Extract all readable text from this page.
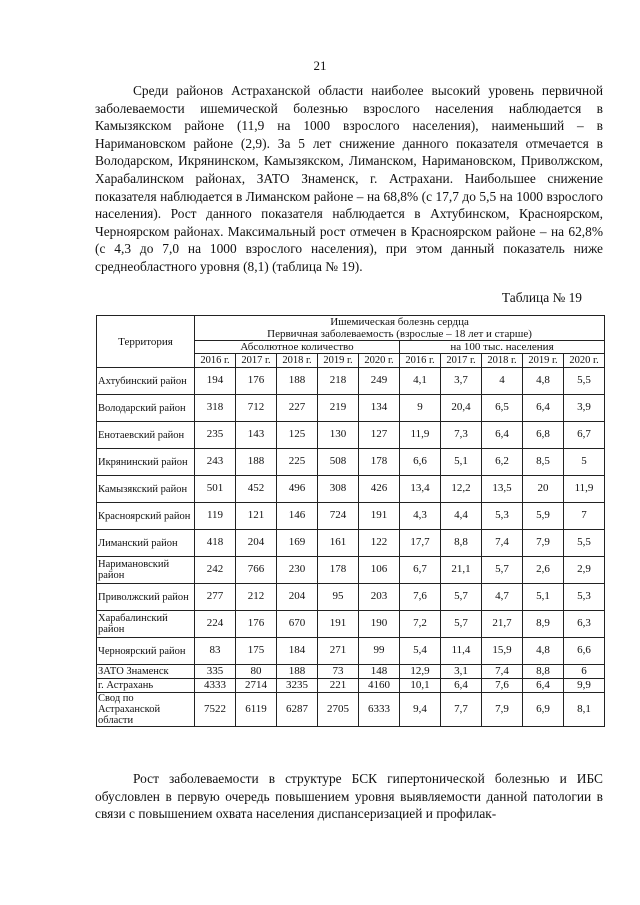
21

Среди районов Астраханской области наиболее высокий уровень первичной заболеваемости ишемической болезнью взрослого населения наблюдается в Камызякском районе (11,9 на 1000 взрослого населения), наименьший – в Наримановском районе (2,9). За 5 лет снижение данного показателя отмечается в Володарском, Икрянинском, Камызякском, Лиманском, Наримановском, Приволжском, Харабалинском районах, ЗАТО Знаменск, г. Астрахани. Наибольшее снижение показателя наблюдается в Лиманском районе – на 68,8% (с 17,7 до 5,5 на 1000 взрослого населения). Рост данного показателя наблюдается в Ахтубинском, Красноярском, Черноярском районах. Максимальный рост отмечен в Красноярском районе – на 62,8% (с 4,3 до 7,0 на 1000 взрослого населения), при этом данный показатель ниже среднеобластного уровня (8,1) (таблица № 19).

Таблица № 19
Территория	Ишемическая болезнь сердца
Первичная заболеваемость (взрослые – 18 лет и старше)									

	Абсолютное количество					на 100 тыс. населения				
	2016 г.	2017 г.	2018 г.	2019 г.	2020 г.	2016 г.	2017 г.	2018 г.	2019 г.	2020 г.
Ахтубинский район	194	176	188	218	249	4,1	3,7	4	4,8	5,5
Володарский район	318	712	227	219	134	9	20,4	6,5	6,4	3,9
Енотаевский район	235	143	125	130	127	11,9	7,3	6,4	6,8	6,7
Икрянинский район	243	188	225	508	178	6,6	5,1	6,2	8,5	5
Камызякский район	501	452	496	308	426	13,4	12,2	13,5	20	11,9
Красноярский район	119	121	146	724	191	4,3	4,4	5,3	5,9	7
Лиманский район	418	204	169	161	122	17,7	8,8	7,4	7,9	5,5
Наримановский район	242	766	230	178	106	6,7	21,1	5,7	2,6	2,9
Приволжский район	277	212	204	95	203	7,6	5,7	4,7	5,1	5,3
Харабалинский район	224	176	670	191	190	7,2	5,7	21,7	8,9	6,3
Черноярский район	83	175	184	271	99	5,4	11,4	15,9	4,8	6,6
ЗАТО Знаменск	335	80	188	73	148	12,9	3,1	7,4	8,8	6
г. Астрахань	4333	2714	3235	221	4160	10,1	6,4	7,6	6,4	9,9
Свод по Астраханской области	7522	6119	6287	2705	6333	9,4	7,7	7,9	6,9	8,1

Рост заболеваемости в структуре БСК гипертонической болезнью и ИБС обусловлен в первую очередь повышением уровня выявляемости данной патологии в связи с повышением охвата населения диспансеризацией и профилак-
